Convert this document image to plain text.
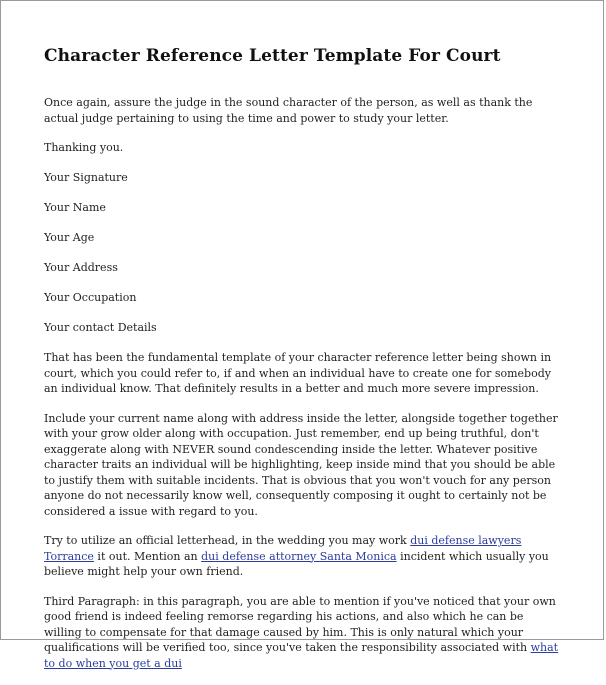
Character Reference Letter Template For Court

Once again, assure the judge in the sound character of the person, as well as thank the actual judge pertaining to using the time and power to study your letter.

Thanking you.

Your Signature

Your Name

Your Age

Your Address

Your Occupation

Your contact Details

That has been the fundamental template of your character reference letter being shown in court, which you could refer to, if and when an individual have to create one for somebody an individual know. That definitely results in a better and much more severe impression.

Include your current name along with address inside the letter, alongside together together with your grow older along with occupation. Just remember, end up being truthful, don't exaggerate along with NEVER sound condescending inside the letter. Whatever positive character traits an individual will be highlighting, keep inside mind that you should be able to justify them with suitable incidents. That is obvious that you won't vouch for any person anyone do not necessarily know well, consequently composing it ought to certainly not be considered a issue with regard to you.

Try to utilize an official letterhead, in the wedding you may work dui defense lawyers Torrance it out. Mention an dui defense attorney Santa Monica incident which usually you believe might help your own friend.

Third Paragraph: in this paragraph, you are able to mention if you've noticed that your own good friend is indeed feeling remorse regarding his actions, and also which he can be willing to compensate for that damage caused by him. This is only natural which your qualifications will be verified too, since you've taken the responsibility associated with what to do when you get a dui
